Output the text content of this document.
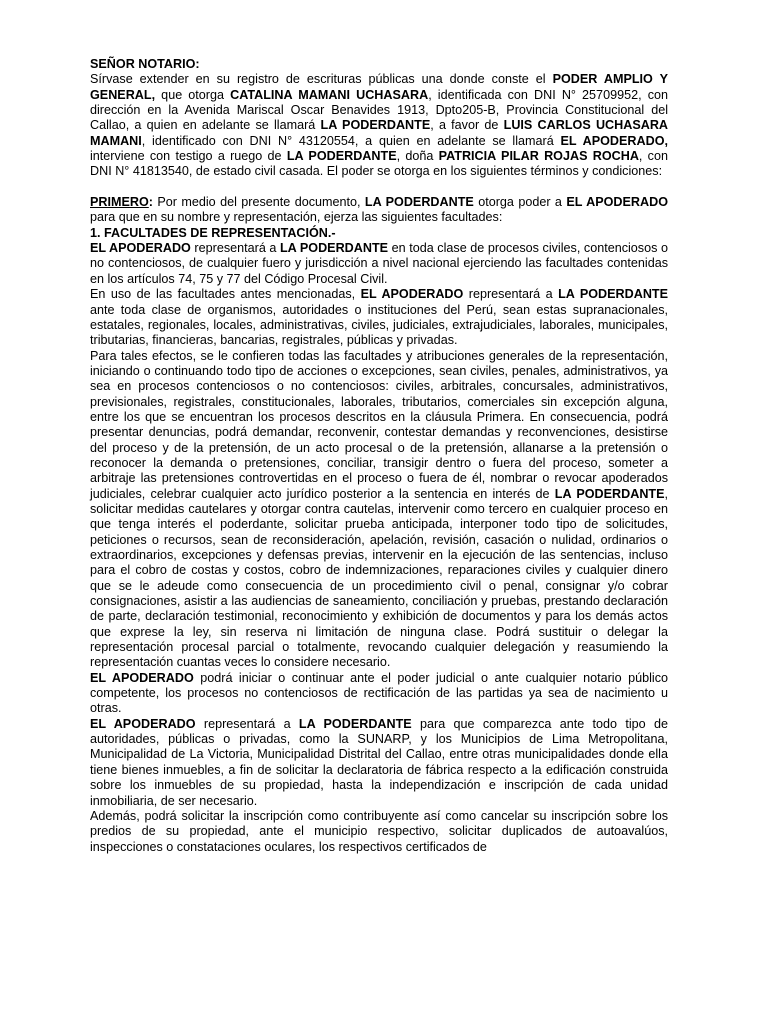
SEÑOR NOTARIO:

Sírvase extender en su registro de escrituras públicas una donde conste el PODER AMPLIO Y GENERAL, que otorga CATALINA MAMANI UCHASARA, identificada con DNI N° 25709952, con dirección en la Avenida Mariscal Oscar Benavides 1913, Dpto205-B, Provincia Constitucional del Callao, a quien en adelante se llamará LA PODERDANTE, a favor de LUIS CARLOS UCHASARA MAMANI, identificado con DNI N° 43120554, a quien en adelante se llamará EL APODERADO, interviene con testigo a ruego de LA PODERDANTE, doña PATRICIA PILAR ROJAS ROCHA, con DNI N° 41813540, de estado civil casada. El poder se otorga en los siguientes términos y condiciones:

PRIMERO: Por medio del presente documento, LA PODERDANTE otorga poder a EL APODERADO para que en su nombre y representación, ejerza las siguientes facultades:

1. FACULTADES DE REPRESENTACIÓN.-

EL APODERADO representará a LA PODERDANTE en toda clase de procesos civiles, contenciosos o no contenciosos, de cualquier fuero y jurisdicción a nivel nacional ejerciendo las facultades contenidas en los artículos 74, 75 y 77 del Código Procesal Civil.

En uso de las facultades antes mencionadas, EL APODERADO representará a LA PODERDANTE ante toda clase de organismos, autoridades o instituciones del Perú, sean estas supranacionales, estatales, regionales, locales, administrativas, civiles, judiciales, extrajudiciales, laborales, municipales, tributarias, financieras, bancarias, registrales, públicas y privadas.

Para tales efectos, se le confieren todas las facultades y atribuciones generales de la representación, iniciando o continuando todo tipo de acciones o excepciones, sean civiles, penales, administrativos, ya sea en procesos contenciosos o no contenciosos: civiles, arbitrales, concursales, administrativos, previsionales, registrales, constitucionales, laborales, tributarios, comerciales sin excepción alguna, entre los que se encuentran los procesos descritos en la cláusula Primera. En consecuencia, podrá presentar denuncias, podrá demandar, reconvenir, contestar demandas y reconvenciones, desistirse del proceso y de la pretensión, de un acto procesal o de la pretensión, allanarse a la pretensión o reconocer la demanda o pretensiones, conciliar, transigir dentro o fuera del proceso, someter a arbitraje las pretensiones controvertidas en el proceso o fuera de él, nombrar o revocar apoderados judiciales, celebrar cualquier acto jurídico posterior a la sentencia en interés de LA PODERDANTE, solicitar medidas cautelares y otorgar contra cautelas, intervenir como tercero en cualquier proceso en que tenga interés el poderdante, solicitar prueba anticipada, interponer todo tipo de solicitudes, peticiones o recursos, sean de reconsideración, apelación, revisión, casación o nulidad, ordinarios o extraordinarios, excepciones y defensas previas, intervenir en la ejecución de las sentencias, incluso para el cobro de costas y costos, cobro de indemnizaciones, reparaciones civiles y cualquier dinero que se le adeude como consecuencia de un procedimiento civil o penal, consignar y/o cobrar consignaciones, asistir a las audiencias de saneamiento, conciliación y pruebas, prestando declaración de parte, declaración testimonial, reconocimiento y exhibición de documentos y para los demás actos que exprese la ley, sin reserva ni limitación de ninguna clase. Podrá sustituir o delegar la representación procesal parcial o totalmente, revocando cualquier delegación y reasumiendo la representación cuantas veces lo considere necesario.

EL APODERADO podrá iniciar o continuar ante el poder judicial o ante cualquier notario público competente, los procesos no contenciosos de rectificación de las partidas ya sea de nacimiento u otras.

EL APODERADO representará a LA PODERDANTE para que comparezca ante todo tipo de autoridades, públicas o privadas, como la SUNARP, y los Municipios de Lima Metropolitana, Municipalidad de La Victoria, Municipalidad Distrital del Callao, entre otras municipalidades donde ella tiene bienes inmuebles, a fin de solicitar la declaratoria de fábrica respecto a la edificación construida sobre los inmuebles de su propiedad, hasta la independización e inscripción de cada unidad inmobiliaria, de ser necesario.

Además, podrá solicitar la inscripción como contribuyente así como cancelar su inscripción sobre los predios de su propiedad, ante el municipio respectivo, solicitar duplicados de autoavalúos, inspecciones o constataciones oculares, los respectivos certificados de
